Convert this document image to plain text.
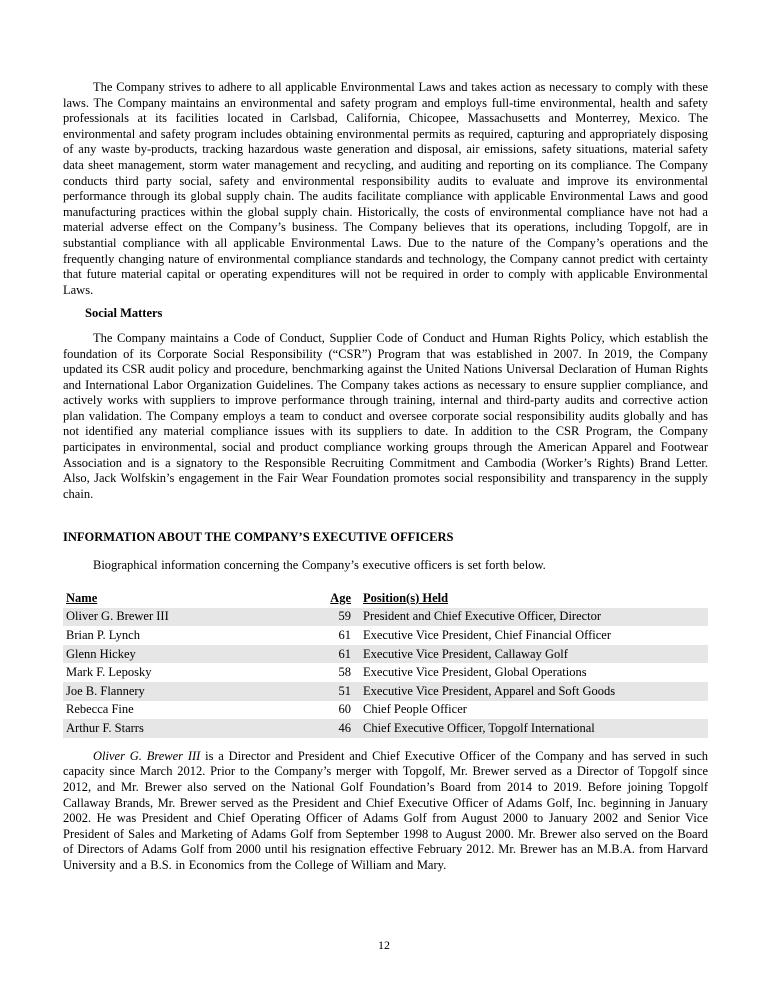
The Company strives to adhere to all applicable Environmental Laws and takes action as necessary to comply with these laws. The Company maintains an environmental and safety program and employs full-time environmental, health and safety professionals at its facilities located in Carlsbad, California, Chicopee, Massachusetts and Monterrey, Mexico. The environmental and safety program includes obtaining environmental permits as required, capturing and appropriately disposing of any waste by-products, tracking hazardous waste generation and disposal, air emissions, safety situations, material safety data sheet management, storm water management and recycling, and auditing and reporting on its compliance. The Company conducts third party social, safety and environmental responsibility audits to evaluate and improve its environmental performance through its global supply chain. The audits facilitate compliance with applicable Environmental Laws and good manufacturing practices within the global supply chain. Historically, the costs of environmental compliance have not had a material adverse effect on the Company’s business. The Company believes that its operations, including Topgolf, are in substantial compliance with all applicable Environmental Laws. Due to the nature of the Company’s operations and the frequently changing nature of environmental compliance standards and technology, the Company cannot predict with certainty that future material capital or operating expenditures will not be required in order to comply with applicable Environmental Laws.

Social Matters

The Company maintains a Code of Conduct, Supplier Code of Conduct and Human Rights Policy, which establish the foundation of its Corporate Social Responsibility (“CSR”) Program that was established in 2007. In 2019, the Company updated its CSR audit policy and procedure, benchmarking against the United Nations Universal Declaration of Human Rights and International Labor Organization Guidelines. The Company takes actions as necessary to ensure supplier compliance, and actively works with suppliers to improve performance through training, internal and third-party audits and corrective action plan validation. The Company employs a team to conduct and oversee corporate social responsibility audits globally and has not identified any material compliance issues with its suppliers to date. In addition to the CSR Program, the Company participates in environmental, social and product compliance working groups through the American Apparel and Footwear Association and is a signatory to the Responsible Recruiting Commitment and Cambodia (Worker’s Rights) Brand Letter. Also, Jack Wolfskin’s engagement in the Fair Wear Foundation promotes social responsibility and transparency in the supply chain.

INFORMATION ABOUT THE COMPANY’S EXECUTIVE OFFICERS

Biographical information concerning the Company’s executive officers is set forth below.

Name	Age	Position(s) Held
Oliver G. Brewer III	59	President and Chief Executive Officer, Director
Brian P. Lynch	61	Executive Vice President, Chief Financial Officer
Glenn Hickey	61	Executive Vice President, Callaway Golf
Mark F. Leposky	58	Executive Vice President, Global Operations
Joe B. Flannery	51	Executive Vice President, Apparel and Soft Goods
Rebecca Fine	60	Chief People Officer
Arthur F. Starrs	46	Chief Executive Officer, Topgolf International

Oliver G. Brewer III is a Director and President and Chief Executive Officer of the Company and has served in such capacity since March 2012. Prior to the Company’s merger with Topgolf, Mr. Brewer served as a Director of Topgolf since 2012, and Mr. Brewer also served on the National Golf Foundation’s Board from 2014 to 2019. Before joining Topgolf Callaway Brands, Mr. Brewer served as the President and Chief Executive Officer of Adams Golf, Inc. beginning in January 2002. He was President and Chief Operating Officer of Adams Golf from August 2000 to January 2002 and Senior Vice President of Sales and Marketing of Adams Golf from September 1998 to August 2000. Mr. Brewer also served on the Board of Directors of Adams Golf from 2000 until his resignation effective February 2012. Mr. Brewer has an M.B.A. from Harvard University and a B.S. in Economics from the College of William and Mary.

12
